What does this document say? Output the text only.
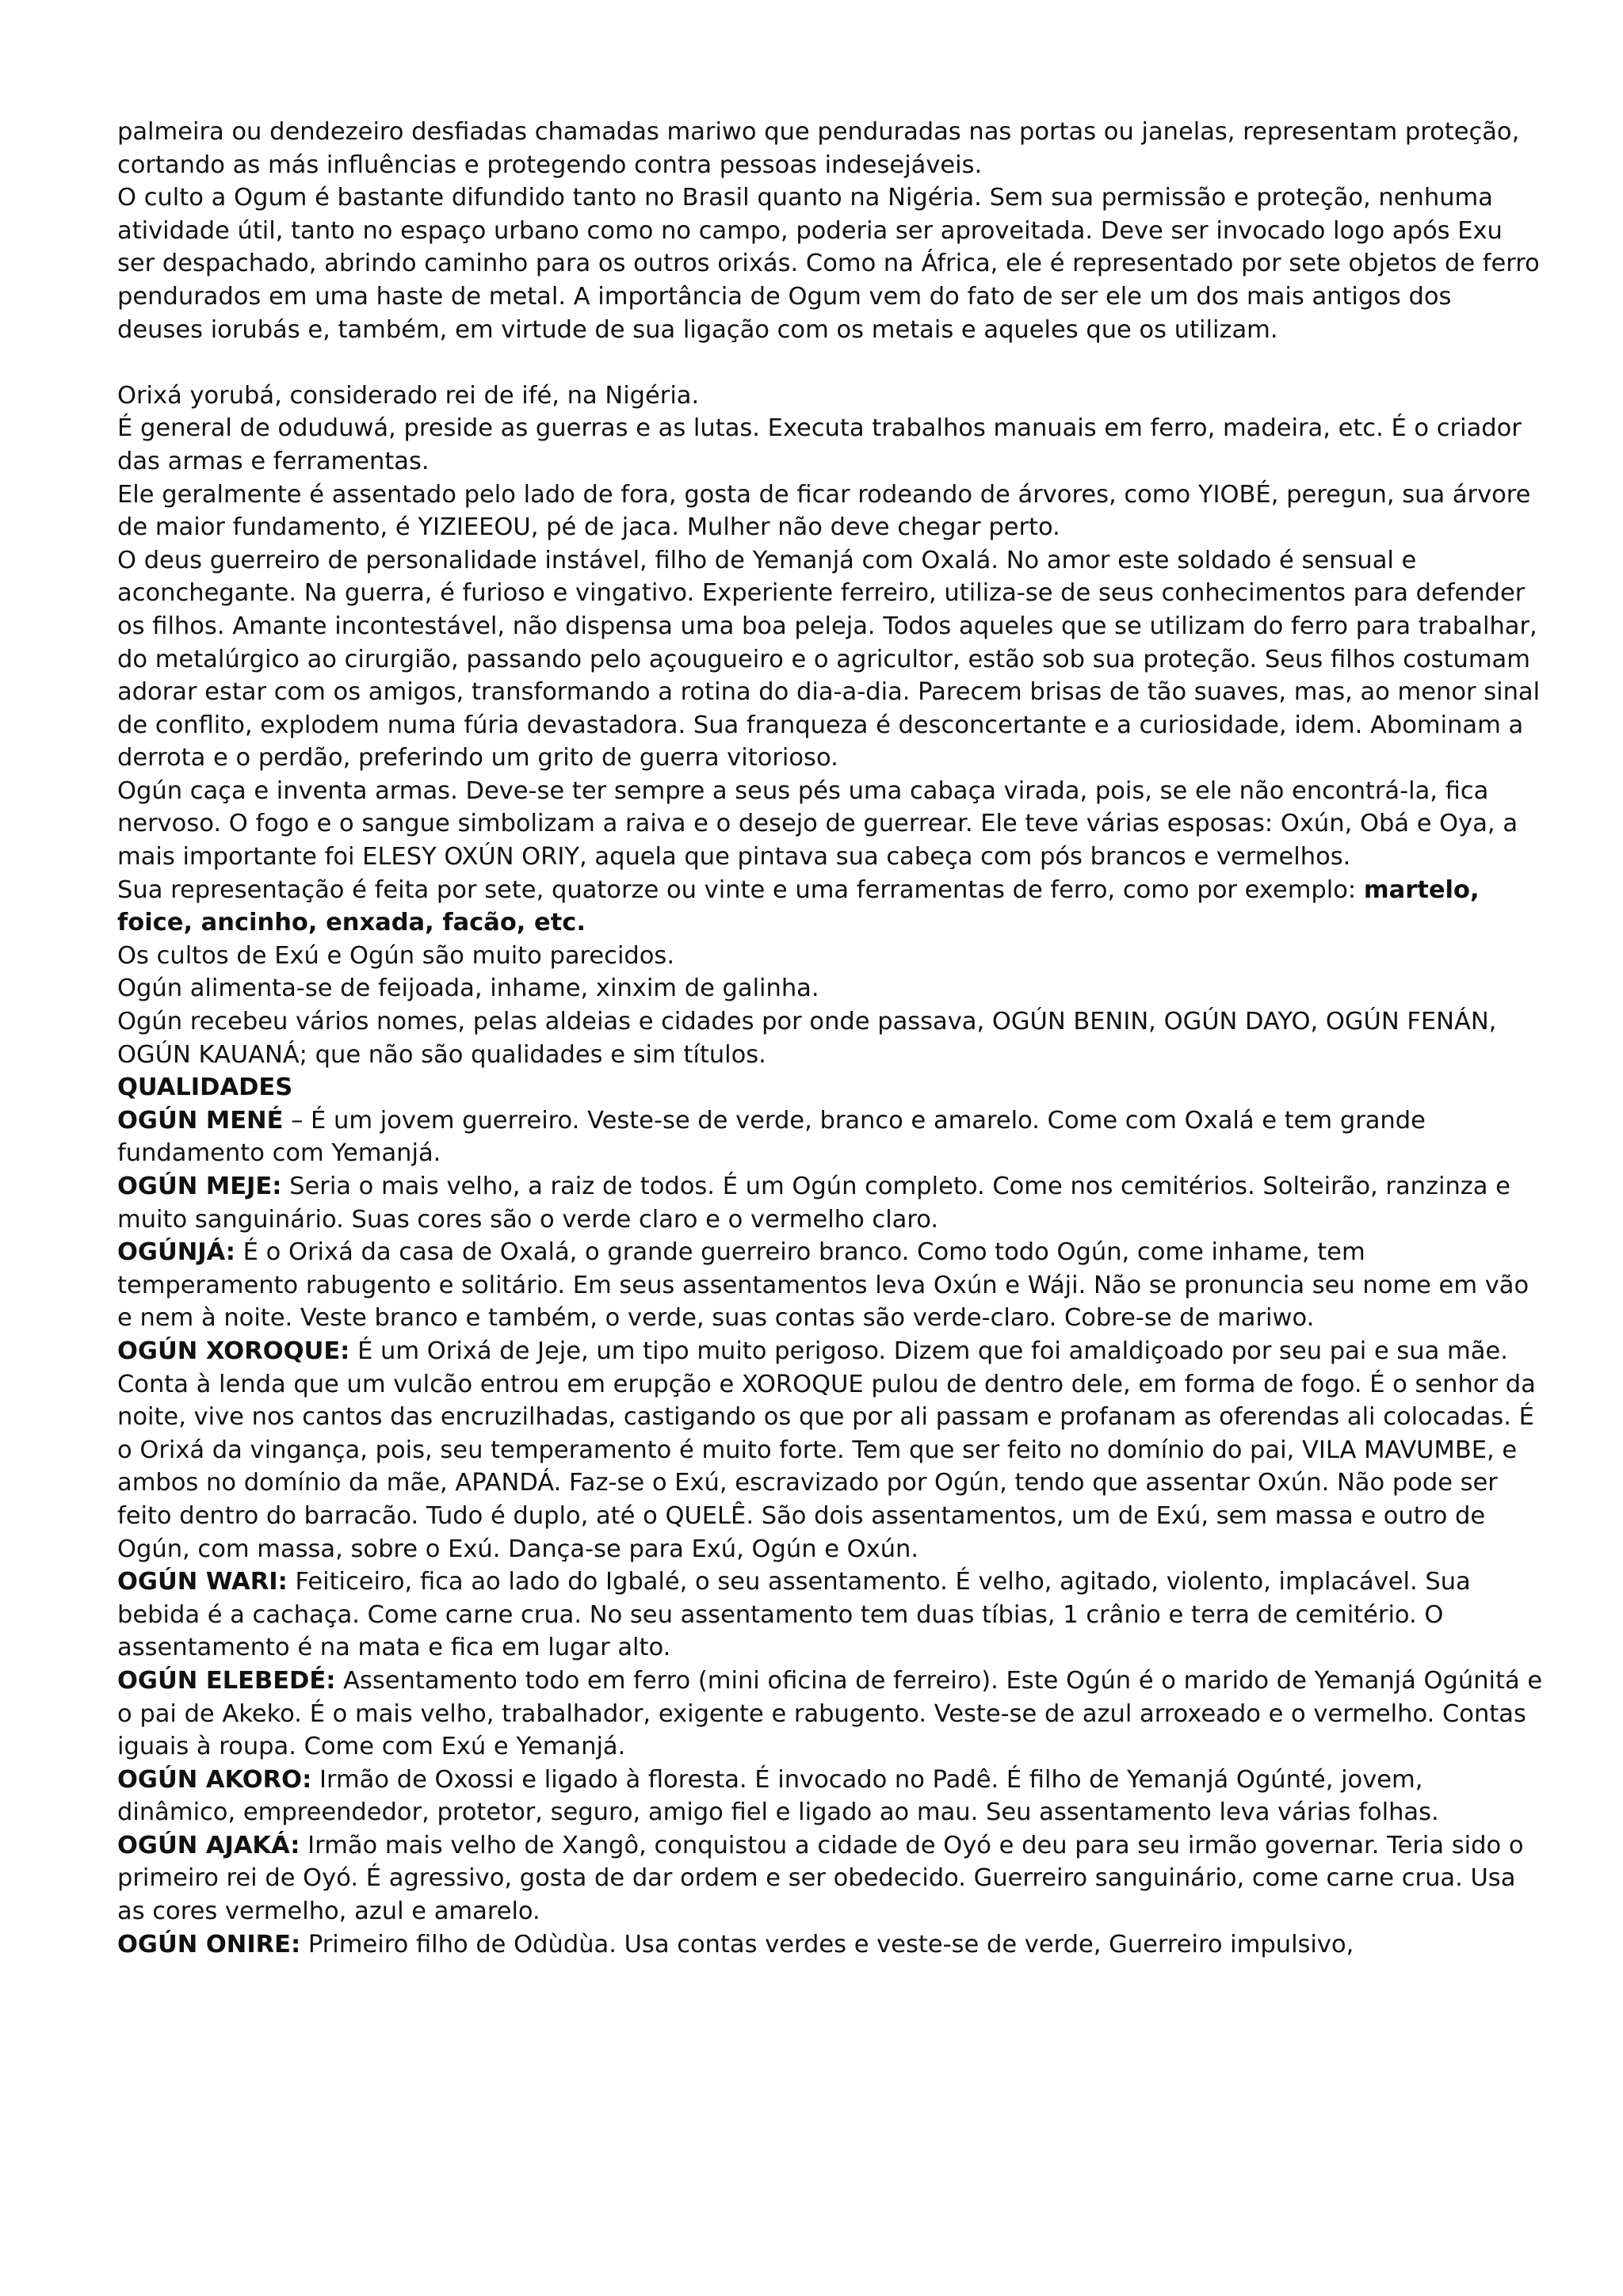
palmeira ou dendezeiro desfiadas chamadas mariwo que penduradas nas portas ou janelas, representam proteção, cortando as más influências e protegendo contra pessoas indesejáveis.

O culto a Ogum é bastante difundido tanto no Brasil quanto na Nigéria. Sem sua permissão e proteção, nenhuma atividade útil, tanto no espaço urbano como no campo, poderia ser aproveitada. Deve ser invocado logo após Exu ser despachado, abrindo caminho para os outros orixás. Como na África, ele é representado por sete objetos de ferro pendurados em uma haste de metal. A importância de Ogum vem do fato de ser ele um dos mais antigos dos deuses iorubás e, também, em virtude de sua ligação com os metais e aqueles que os utilizam.

Orixá yorubá, considerado rei de ifé, na Nigéria.

É general de oduduwá, preside as guerras e as lutas. Executa trabalhos manuais em ferro, madeira, etc. É o criador das armas e ferramentas.

Ele geralmente é assentado pelo lado de fora, gosta de ficar rodeando de árvores, como YIOBÉ, peregun, sua árvore de maior fundamento, é YIZIEEOU, pé de jaca. Mulher não deve chegar perto.

O deus guerreiro de personalidade instável, filho de Yemanjá com Oxalá. No amor este soldado é sensual e aconchegante. Na guerra, é furioso e vingativo. Experiente ferreiro, utiliza-se de seus conhecimentos para defender os filhos. Amante incontestável, não dispensa uma boa peleja. Todos aqueles que se utilizam do ferro para trabalhar, do metalúrgico ao cirurgião, passando pelo açougueiro e o agricultor, estão sob sua proteção. Seus filhos costumam adorar estar com os amigos, transformando a rotina do dia-a-dia. Parecem brisas de tão suaves, mas, ao menor sinal de conflito, explodem numa fúria devastadora. Sua franqueza é desconcertante e a curiosidade, idem. Abominam a derrota e o perdão, preferindo um grito de guerra vitorioso.

Ogún caça e inventa armas. Deve-se ter sempre a seus pés uma cabaça virada, pois, se ele não encontrá-la, fica nervoso. O fogo e o sangue simbolizam a raiva e o desejo de guerrear. Ele teve várias esposas: Oxún, Obá e Oya, a mais importante foi ELESY OXÚN ORIY, aquela que pintava sua cabeça com pós brancos e vermelhos.

Sua representação é feita por sete, quatorze ou vinte e uma ferramentas de ferro, como por exemplo: martelo, foice, ancinho, enxada, facão, etc.

Os cultos de Exú e Ogún são muito parecidos.

Ogún alimenta-se de feijoada, inhame, xinxim de galinha.

Ogún recebeu vários nomes, pelas aldeias e cidades por onde passava, OGÚN BENIN, OGÚN DAYO, OGÚN FENÁN, OGÚN KAUANÁ; que não são qualidades e sim títulos.

QUALIDADES

OGÚN MENÉ – É um jovem guerreiro. Veste-se de verde, branco e amarelo. Come com Oxalá e tem grande fundamento com Yemanjá.

OGÚN MEJE: Seria o mais velho, a raiz de todos. É um Ogún completo. Come nos cemitérios. Solteirão, ranzinza e muito sanguinário. Suas cores são o verde claro e o vermelho claro.

OGÚNJÁ: É o Orixá da casa de Oxalá, o grande guerreiro branco. Como todo Ogún, come inhame, tem temperamento rabugento e solitário. Em seus assentamentos leva Oxún e Wáji. Não se pronuncia seu nome em vão e nem à noite. Veste branco e também, o verde, suas contas são verde-claro. Cobre-se de mariwo.

OGÚN XOROQUE: É um Orixá de Jeje, um tipo muito perigoso. Dizem que foi amaldiçoado por seu pai e sua mãe. Conta à lenda que um vulcão entrou em erupção e XOROQUE pulou de dentro dele, em forma de fogo. É o senhor da noite, vive nos cantos das encruzilhadas, castigando os que por ali passam e profanam as oferendas ali colocadas. É o Orixá da vingança, pois, seu temperamento é muito forte. Tem que ser feito no domínio do pai, VILA MAVUMBE, e ambos no domínio da mãe, APANDÁ. Faz-se o Exú, escravizado por Ogún, tendo que assentar Oxún. Não pode ser feito dentro do barracão. Tudo é duplo, até o QUELÊ. São dois assentamentos, um de Exú, sem massa e outro de Ogún, com massa, sobre o Exú. Dança-se para Exú, Ogún e Oxún.

OGÚN WARI: Feiticeiro, fica ao lado do Igbalé, o seu assentamento. É velho, agitado, violento, implacável. Sua bebida é a cachaça. Come carne crua. No seu assentamento tem duas tíbias, 1 crânio e terra de cemitério. O assentamento é na mata e fica em lugar alto.

OGÚN ELEBEDÉ: Assentamento todo em ferro (mini oficina de ferreiro). Este Ogún é o marido de Yemanjá Ogúnitá e o pai de Akeko. É o mais velho, trabalhador, exigente e rabugento. Veste-se de azul arroxeado e o vermelho. Contas iguais à roupa. Come com Exú e Yemanjá.

OGÚN AKORO: Irmão de Oxossi e ligado à floresta. É invocado no Padê. É filho de Yemanjá Ogúnté, jovem, dinâmico, empreendedor, protetor, seguro, amigo fiel e ligado ao mau. Seu assentamento leva várias folhas.

OGÚN AJAKÁ: Irmão mais velho de Xangô, conquistou a cidade de Oyó e deu para seu irmão governar. Teria sido o primeiro rei de Oyó. É agressivo, gosta de dar ordem e ser obedecido. Guerreiro sanguinário, come carne crua. Usa as cores vermelho, azul e amarelo.

OGÚN ONIRE: Primeiro filho de Odùdùa. Usa contas verdes e veste-se de verde, Guerreiro impulsivo,
